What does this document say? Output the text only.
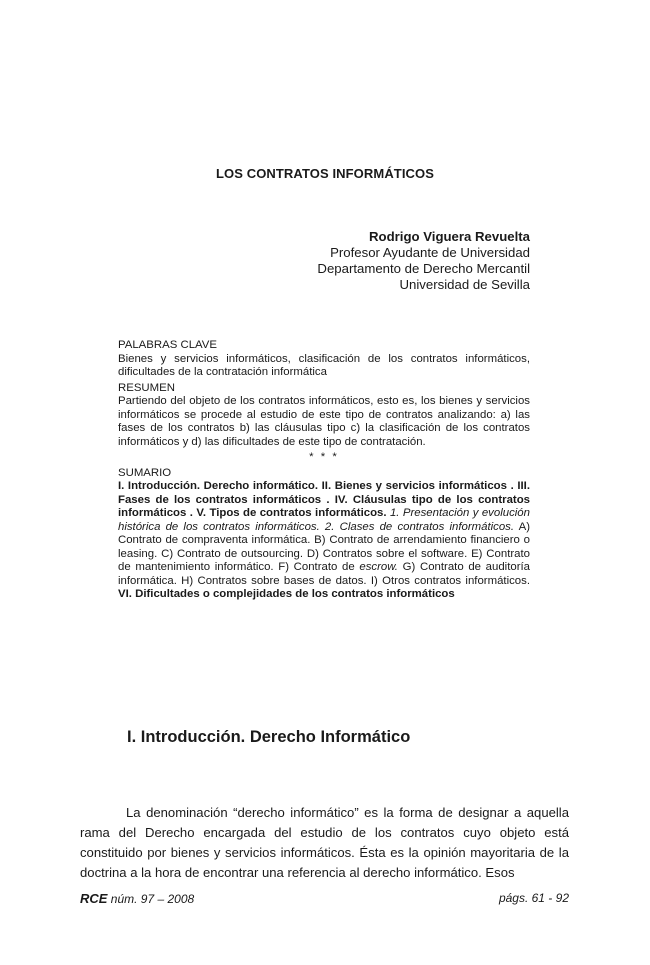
LOS CONTRATOS INFORMÁTICOS
Rodrigo Viguera Revuelta
Profesor Ayudante de Universidad
Departamento de Derecho Mercantil
Universidad de Sevilla
PALABRAS CLAVE
Bienes y servicios informáticos, clasificación de los contratos informáticos, dificultades de la contratación informática
RESUMEN
Partiendo del objeto de los contratos informáticos, esto es, los bienes y servicios informáticos se procede al estudio de este tipo de contratos analizando: a) las fases de los contratos b) las cláusulas tipo c) la clasificación de los contratos informáticos y d) las dificultades de este tipo de contratación.
* * *
SUMARIO
I. Introducción. Derecho informático. II. Bienes y servicios informáticos . III. Fases de los contratos informáticos . IV. Cláusulas tipo de los contratos informáticos . V. Tipos de contratos informáticos. 1. Presentación y evolución histórica de los contratos informáticos. 2. Clases de contratos informáticos. A) Contrato de compraventa informática. B) Contrato de arrendamiento financiero o leasing. C) Contrato de outsourcing. D) Contratos sobre el software. E) Contrato de mantenimiento informático. F) Contrato de escrow. G) Contrato de auditoría informática. H) Contratos sobre bases de datos. I) Otros contratos informáticos. VI. Dificultades o complejidades de los contratos informáticos
I. Introducción. Derecho Informático
La denominación “derecho informático” es la forma de designar a aquella rama del Derecho encargada del estudio de los contratos cuyo objeto está constituido por bienes y servicios informáticos. Ésta es la opinión mayoritaria de la doctrina a la hora de encontrar una referencia al derecho informático. Esos
RCE núm. 97 – 2008	págs. 61 - 92
